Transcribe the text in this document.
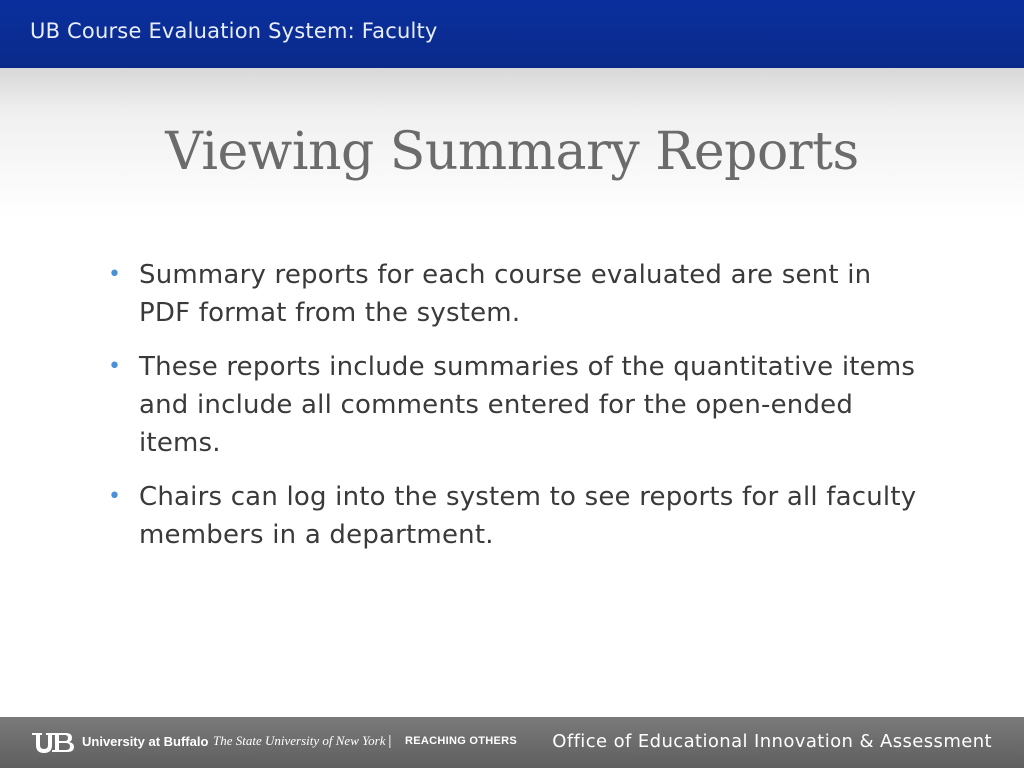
UB Course Evaluation System: Faculty
Viewing Summary Reports
• Summary reports for each course evaluated are sent in PDF format from the system.
• These reports include summaries of the quantitative items and include all comments entered for the open-ended items.
• Chairs can log into the system to see reports for all faculty members in a department.
University at Buffalo The State University of New York | REACHING OTHERS Office of Educational Innovation & Assessment
